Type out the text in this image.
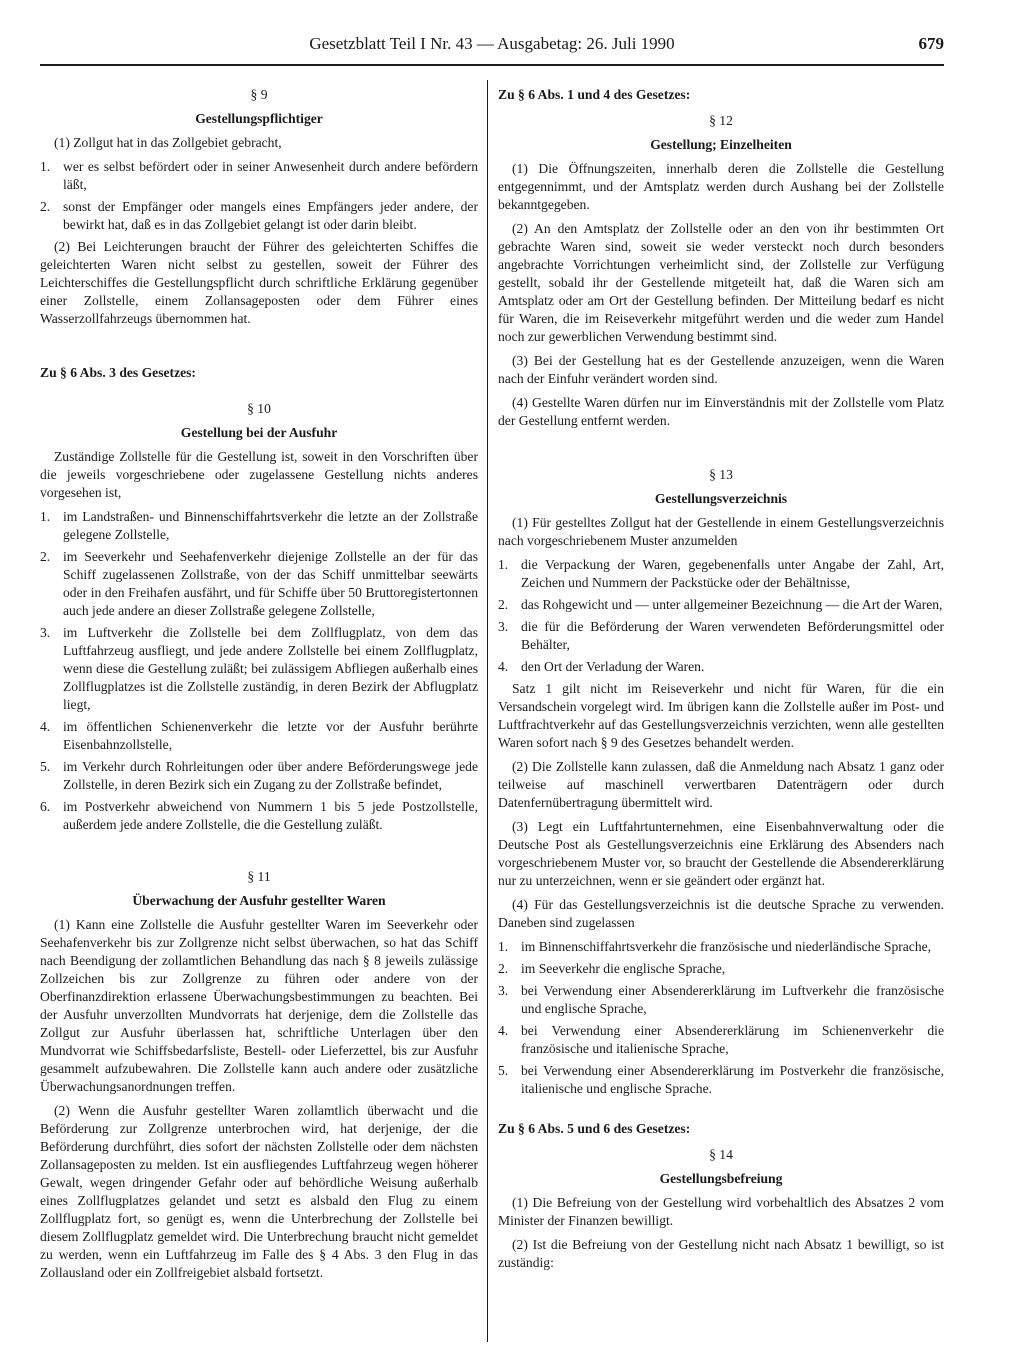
Gesetzblatt Teil I Nr. 43 — Ausgabetag: 26. Juli 1990	679
§ 9
Gestellungspflichtiger

(1) Zollgut hat in das Zollgebiet gebracht,

1. wer es selbst befördert oder in seiner Anwesenheit durch andere befördern läßt,
2. sonst der Empfänger oder mangels eines Empfängers jeder andere, der bewirkt hat, daß es in das Zollgebiet gelangt ist oder darin bleibt.

(2) Bei Leichterungen braucht der Führer des geleichterten Schiffes die geleichterten Waren nicht selbst zu gestellen, soweit der Führer des Leichterschiffes die Gestellungspflicht durch schriftliche Erklärung gegenüber einer Zollstelle, einem Zollansageposten oder dem Führer eines Wasserzollfahrzeugs übernommen hat.

Zu § 6 Abs. 3 des Gesetzes:
§ 10
Gestellung bei der Ausfuhr

Zuständige Zollstelle für die Gestellung ist, soweit in den Vorschriften über die jeweils vorgeschriebene oder zugelassene Gestellung nichts anderes vorgesehen ist,

1. im Landstraßen- und Binnenschiffahrtsverkehr die letzte an der Zollstraße gelegene Zollstelle,
2. im Seeverkehr und Seehafenverkehr diejenige Zollstelle an der für das Schiff zugelassenen Zollstraße, von der das Schiff unmittelbar seewärts oder in den Freihafen ausfährt, und für Schiffe über 50 Bruttoregistertonnen auch jede andere an dieser Zollstraße gelegene Zollstelle,
3. im Luftverkehr die Zollstelle bei dem Zollflugplatz, von dem das Luftfahrzeug ausfliegt, und jede andere Zollstelle bei einem Zollflugplatz, wenn diese die Gestellung zuläßt; bei zulässigem Abfliegen außerhalb eines Zollflugplatzes ist die Zollstelle zuständig, in deren Bezirk der Abflugplatz liegt,
4. im öffentlichen Schienenverkehr die letzte vor der Ausfuhr berührte Eisenbahnzollstelle,
5. im Verkehr durch Rohrleitungen oder über andere Beförderungswege jede Zollstelle, in deren Bezirk sich ein Zugang zu der Zollstraße befindet,
6. im Postverkehr abweichend von Nummern 1 bis 5 jede Postzollstelle, außerdem jede andere Zollstelle, die die Gestellung zuläßt.
§ 11
Überwachung der Ausfuhr gestellter Waren

(1) Kann eine Zollstelle die Ausfuhr gestellter Waren im Seeverkehr oder Seehafenverkehr bis zur Zollgrenze nicht selbst überwachen, so hat das Schiff nach Beendigung der zollamtlichen Behandlung das nach § 8 jeweils zulässige Zollzeichen bis zur Zollgrenze zu führen oder andere von der Oberfinanzdirektion erlassene Überwachungsbestimmungen zu beachten. Bei der Ausfuhr unverzollten Mundvorrats hat derjenige, dem die Zollstelle das Zollgut zur Ausfuhr überlassen hat, schriftliche Unterlagen über den Mundvorrat wie Schiffsbedarfsliste, Bestell- oder Lieferzettel, bis zur Ausfuhr gesammelt aufzubewahren. Die Zollstelle kann auch andere oder zusätzliche Überwachungsanordnungen treffen.

(2) Wenn die Ausfuhr gestellter Waren zollamtlich überwacht und die Beförderung zur Zollgrenze unterbrochen wird, hat derjenige, der die Beförderung durchführt, dies sofort der nächsten Zollstelle oder dem nächsten Zollansageposten zu melden. Ist ein ausfliegendes Luftfahrzeug wegen höherer Gewalt, wegen dringender Gefahr oder auf behördliche Weisung außerhalb eines Zollflugplatzes gelandet und setzt es alsbald den Flug zu einem Zollflugplatz fort, so genügt es, wenn die Unterbrechung der Zollstelle bei diesem Zollflugplatz gemeldet wird. Die Unterbrechung braucht nicht gemeldet zu werden, wenn ein Luftfahrzeug im Falle des § 4 Abs. 3 den Flug in das Zollausland oder ein Zollfreigebiet alsbald fortsetzt.

Zu § 6 Abs. 1 und 4 des Gesetzes:
§ 12
Gestellung; Einzelheiten

(1) Die Öffnungszeiten, innerhalb deren die Zollstelle die Gestellung entgegennimmt, und der Amtsplatz werden durch Aushang bei der Zollstelle bekanntgegeben.

(2) An den Amtsplatz der Zollstelle oder an den von ihr bestimmten Ort gebrachte Waren sind, soweit sie weder versteckt noch durch besonders angebrachte Vorrichtungen verheimlicht sind, der Zollstelle zur Verfügung gestellt, sobald ihr der Gestellende mitgeteilt hat, daß die Waren sich am Amtsplatz oder am Ort der Gestellung befinden. Der Mitteilung bedarf es nicht für Waren, die im Reiseverkehr mitgeführt werden und die weder zum Handel noch zur gewerblichen Verwendung bestimmt sind.

(3) Bei der Gestellung hat es der Gestellende anzuzeigen, wenn die Waren nach der Einfuhr verändert worden sind.

(4) Gestellte Waren dürfen nur im Einverständnis mit der Zollstelle vom Platz der Gestellung entfernt werden.

§ 13
Gestellungsverzeichnis

(1) Für gestelltes Zollgut hat der Gestellende in einem Gestellungsverzeichnis nach vorgeschriebenem Muster anzumelden

1. die Verpackung der Waren, gegebenenfalls unter Angabe der Zahl, Art, Zeichen und Nummern der Packstücke oder der Behältnisse,
2. das Rohgewicht und — unter allgemeiner Bezeichnung — die Art der Waren,
3. die für die Beförderung der Waren verwendeten Beförderungsmittel oder Behälter,
4. den Ort der Verladung der Waren.

Satz 1 gilt nicht im Reiseverkehr und nicht für Waren, für die ein Versandschein vorgelegt wird. Im übrigen kann die Zollstelle außer im Post- und Luftfrachtverkehr auf das Gestellungsverzeichnis verzichten, wenn alle gestellten Waren sofort nach § 9 des Gesetzes behandelt werden.

(2) Die Zollstelle kann zulassen, daß die Anmeldung nach Absatz 1 ganz oder teilweise auf maschinell verwertbaren Datenträgern oder durch Datenfernübertragung übermittelt wird.

(3) Legt ein Luftfahrtunternehmen, eine Eisenbahnverwaltung oder die Deutsche Post als Gestellungsverzeichnis eine Erklärung des Absenders nach vorgeschriebenem Muster vor, so braucht der Gestellende die Absendererklärung nur zu unterzeichnen, wenn er sie geändert oder ergänzt hat.

(4) Für das Gestellungsverzeichnis ist die deutsche Sprache zu verwenden. Daneben sind zugelassen

1. im Binnenschiffahrtsverkehr die französische und niederländische Sprache,
2. im Seeverkehr die englische Sprache,
3. bei Verwendung einer Absendererklärung im Luftverkehr die französische und englische Sprache,
4. bei Verwendung einer Absendererklärung im Schienenverkehr die französische und italienische Sprache,
5. bei Verwendung einer Absendererklärung im Postverkehr die französische, italienische und englische Sprache.
Zu § 6 Abs. 5 und 6 des Gesetzes:
§ 14
Gestellungsbefreiung

(1) Die Befreiung von der Gestellung wird vorbehaltlich des Absatzes 2 vom Minister der Finanzen bewilligt.

(2) Ist die Befreiung von der Gestellung nicht nach Absatz 1 bewilligt, so ist zuständig:
